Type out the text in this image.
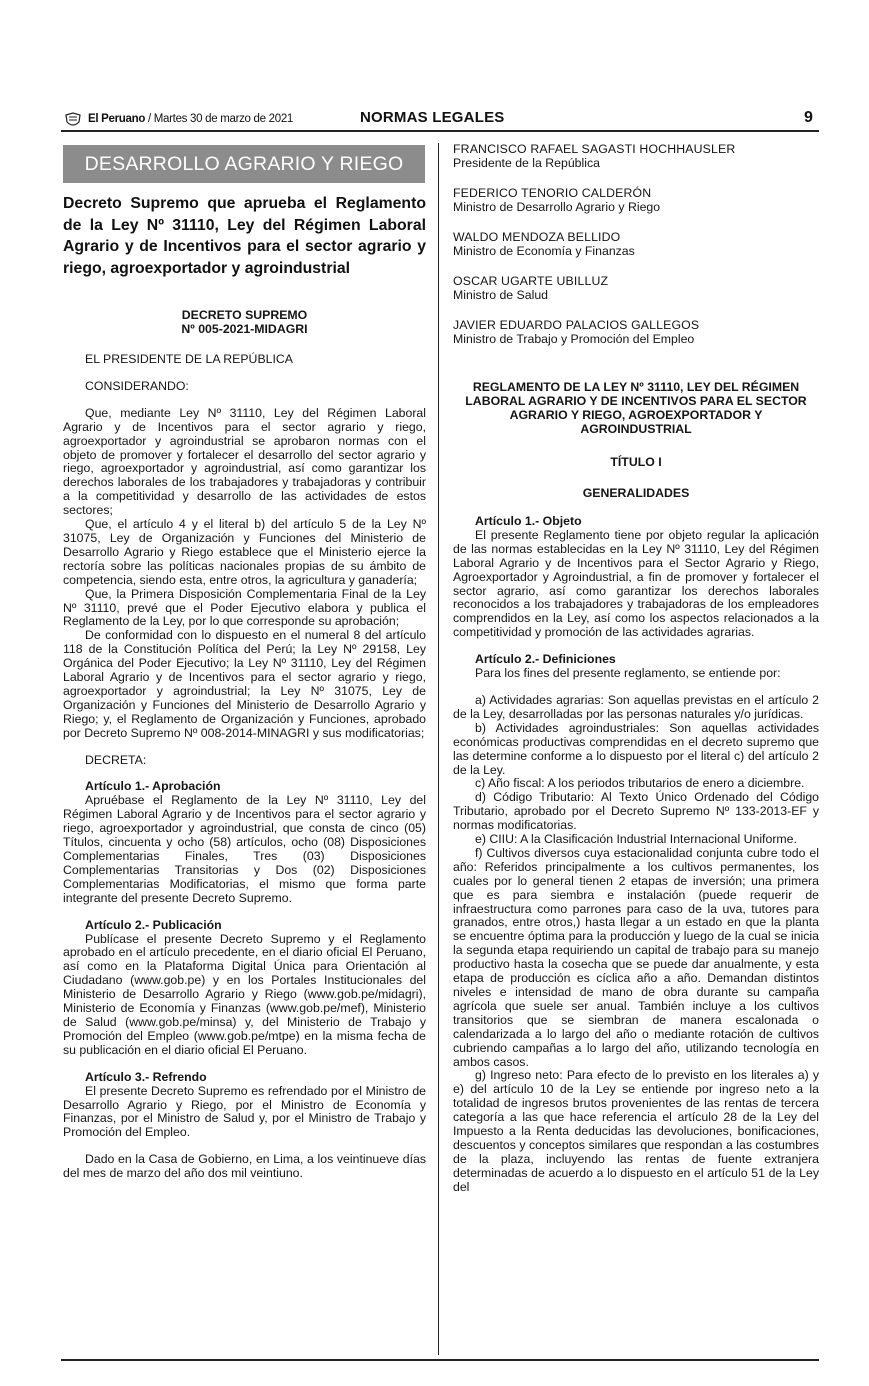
El Peruano / Martes 30 de marzo de 2021	NORMAS LEGALES	9
DESARROLLO AGRARIO Y RIEGO
Decreto Supremo que aprueba el Reglamento de la Ley Nº 31110, Ley del Régimen Laboral Agrario y de Incentivos para el sector agrario y riego, agroexportador y agroindustrial

DECRETO SUPREMO

Nº 005-2021-MIDAGRI

EL PRESIDENTE DE LA REPÚBLICA

CONSIDERANDO:

Que, mediante Ley Nº 31110, Ley del Régimen Laboral Agrario y de Incentivos para el sector agrario y riego, agroexportador y agroindustrial se aprobaron normas con el objeto de promover y fortalecer el desarrollo del sector agrario y riego, agroexportador y agroindustrial, así como garantizar los derechos laborales de los trabajadores y trabajadoras y contribuir a la competitividad y desarrollo de las actividades de estos sectores;

Que, el artículo 4 y el literal b) del artículo 5 de la Ley Nº 31075, Ley de Organización y Funciones del Ministerio de Desarrollo Agrario y Riego establece que el Ministerio ejerce la rectoría sobre las políticas nacionales propias de su ámbito de competencia, siendo esta, entre otros, la agricultura y ganadería;

Que, la Primera Disposición Complementaria Final de la Ley Nº 31110, prevé que el Poder Ejecutivo elabora y publica el Reglamento de la Ley, por lo que corresponde su aprobación;

De conformidad con lo dispuesto en el numeral 8 del artículo 118 de la Constitución Política del Perú; la Ley Nº 29158, Ley Orgánica del Poder Ejecutivo; la Ley Nº 31110, Ley del Régimen Laboral Agrario y de Incentivos para el sector agrario y riego, agroexportador y agroindustrial; la Ley Nº 31075, Ley de Organización y Funciones del Ministerio de Desarrollo Agrario y Riego; y, el Reglamento de Organización y Funciones, aprobado por Decreto Supremo Nº 008-2014-MINAGRI y sus modificatorias;

DECRETA:

Artículo 1.- Aprobación

Apruébase el Reglamento de la Ley Nº 31110, Ley del Régimen Laboral Agrario y de Incentivos para el sector agrario y riego, agroexportador y agroindustrial, que consta de cinco (05) Títulos, cincuenta y ocho (58) artículos, ocho (08) Disposiciones Complementarias Finales, Tres (03) Disposiciones Complementarias Transitorias y Dos (02) Disposiciones Complementarias Modificatorias, el mismo que forma parte integrante del presente Decreto Supremo.

Artículo 2.- Publicación

Publícase el presente Decreto Supremo y el Reglamento aprobado en el artículo precedente, en el diario oficial El Peruano, así como en la Plataforma Digital Única para Orientación al Ciudadano (www.gob.pe) y en los Portales Institucionales del Ministerio de Desarrollo Agrario y Riego (www.gob.pe/midagri), Ministerio de Economía y Finanzas (www.gob.pe/mef), Ministerio de Salud (www.gob.pe/minsa) y, del Ministerio de Trabajo y Promoción del Empleo (www.gob.pe/mtpe) en la misma fecha de su publicación en el diario oficial El Peruano.

Artículo 3.- Refrendo

El presente Decreto Supremo es refrendado por el Ministro de Desarrollo Agrario y Riego, por el Ministro de Economía y Finanzas, por el Ministro de Salud y, por el Ministro de Trabajo y Promoción del Empleo.

Dado en la Casa de Gobierno, en Lima, a los veintinueve días del mes de marzo del año dos mil veintiuno.

FRANCISCO RAFAEL SAGASTI HOCHHAUSLER
Presidente de la República
FEDERICO TENORIO CALDERÓN
Ministro de Desarrollo Agrario y Riego
WALDO MENDOZA BELLIDO
Ministro de Economía y Finanzas
OSCAR UGARTE UBILLUZ
Ministro de Salud
JAVIER EDUARDO PALACIOS GALLEGOS
Ministro de Trabajo y Promoción del Empleo
REGLAMENTO DE LA LEY Nº 31110, LEY DEL RÉGIMEN LABORAL AGRARIO Y DE INCENTIVOS PARA EL SECTOR AGRARIO Y RIEGO, AGROEXPORTADOR Y AGROINDUSTRIAL
TÍTULO I
GENERALIDADES

Artículo 1.- Objeto

El presente Reglamento tiene por objeto regular la aplicación de las normas establecidas en la Ley Nº 31110, Ley del Régimen Laboral Agrario y de Incentivos para el Sector Agrario y Riego, Agroexportador y Agroindustrial, a fin de promover y fortalecer el sector agrario, así como garantizar los derechos laborales reconocidos a los trabajadores y trabajadoras de los empleadores comprendidos en la Ley, así como los aspectos relacionados a la competitividad y promoción de las actividades agrarias.

Artículo 2.- Definiciones

Para los fines del presente reglamento, se entiende por:

a) Actividades agrarias: Son aquellas previstas en el artículo 2 de la Ley, desarrolladas por las personas naturales y/o jurídicas.

b) Actividades agroindustriales: Son aquellas actividades económicas productivas comprendidas en el decreto supremo que las determine conforme a lo dispuesto por el literal c) del artículo 2 de la Ley.

c) Año fiscal: A los periodos tributarios de enero a diciembre.

d) Código Tributario: Al Texto Único Ordenado del Código Tributario, aprobado por el Decreto Supremo Nº 133-2013-EF y normas modificatorias.

e) CIIU: A la Clasificación Industrial Internacional Uniforme.

f) Cultivos diversos cuya estacionalidad conjunta cubre todo el año: Referidos principalmente a los cultivos permanentes, los cuales por lo general tienen 2 etapas de inversión; una primera que es para siembra e instalación (puede requerir de infraestructura como parrones para caso de la uva, tutores para granados, entre otros,) hasta llegar a un estado en que la planta se encuentre óptima para la producción y luego de la cual se inicia la segunda etapa requiriendo un capital de trabajo para su manejo productivo hasta la cosecha que se puede dar anualmente, y esta etapa de producción es cíclica año a año. Demandan distintos niveles e intensidad de mano de obra durante su campaña agrícola que suele ser anual. También incluye a los cultivos transitorios que se siembran de manera escalonada o calendarizada a lo largo del año o mediante rotación de cultivos cubriendo campañas a lo largo del año, utilizando tecnología en ambos casos.

g) Ingreso neto: Para efecto de lo previsto en los literales a) y e) del artículo 10 de la Ley se entiende por ingreso neto a la totalidad de ingresos brutos provenientes de las rentas de tercera categoría a las que hace referencia el artículo 28 de la Ley del Impuesto a la Renta deducidas las devoluciones, bonificaciones, descuentos y conceptos similares que respondan a las costumbres de la plaza, incluyendo las rentas de fuente extranjera determinadas de acuerdo a lo dispuesto en el artículo 51 de la Ley del
